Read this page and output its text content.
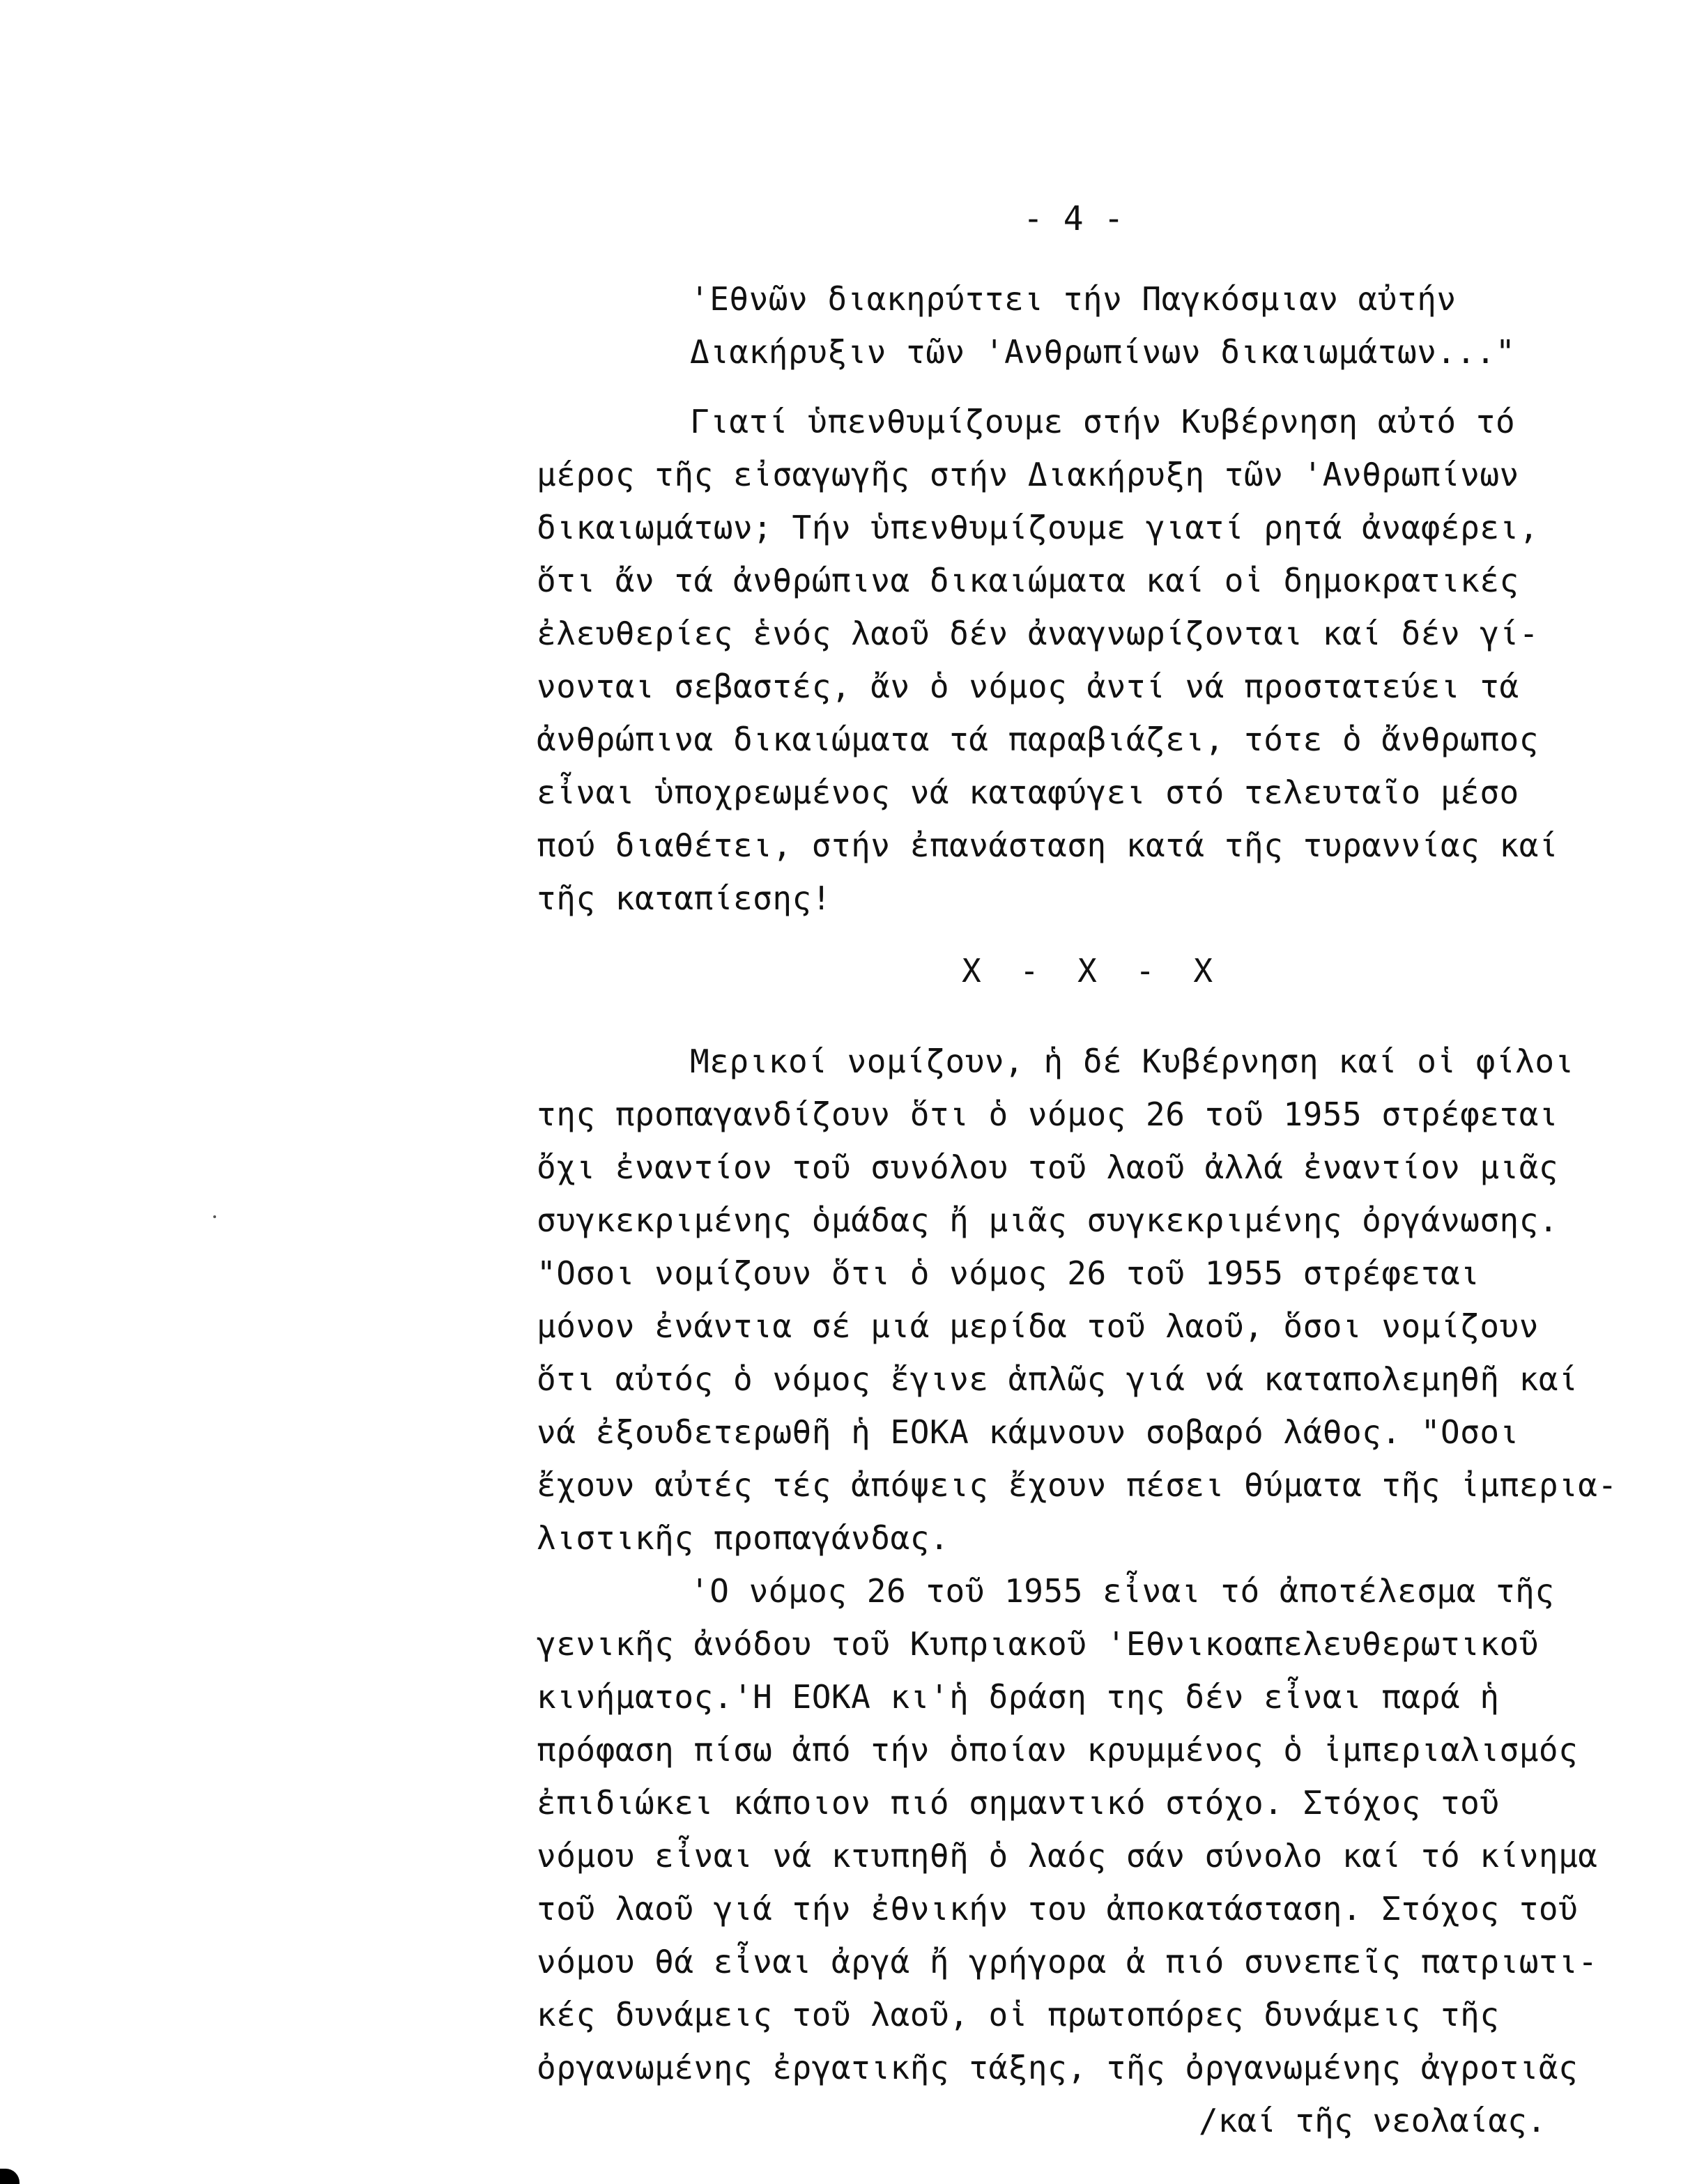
- 4 -
'Εθνῶν διακηρύττει τήν Παγκόσμιαν αὐτήν
Διακήρυξιν τῶν 'Ανθρωπίνων δικαιωμάτων..."
Γιατί ὑπενθυμίζουμε στήν Κυβέρνηση αὐτό τό
μέρος τῆς εἰσαγωγῆς στήν Διακήρυξη τῶν 'Ανθρωπίνων
δικαιωμάτων; Τήν ὑπενθυμίζουμε γιατί ρητά ἀναφέρει,
ὅτι ἄν τά ἀνθρώπινα δικαιώματα καί οἱ δημοκρατικές
ἐλευθερίες ἑνός λαοῦ δέν ἀναγνωρίζονται καί δέν γί-
νονται σεβαστές, ἄν ὁ νόμος ἀντί νά προστατεύει τά
ἀνθρώπινα δικαιώματα τά παραβιάζει, τότε ὁ ἄνθρωπος
εἶναι ὑποχρεωμένος νά καταφύγει στό τελευταῖο μέσο
πού διαθέτει, στήν ἐπανάσταση κατά τῆς τυραννίας καί
τῆς καταπίεσης!
X  -  X  -  X
Μερικοί νομίζουν, ἡ δέ Κυβέρνηση καί οἱ φίλοι
της προπαγανδίζουν ὅτι ὁ νόμος 26 τοῦ 1955 στρέφεται
ὄχι ἐναντίον τοῦ συνόλου τοῦ λαοῦ ἀλλά ἐναντίον μιᾶς
συγκεκριμένης ὁμάδας ἤ μιᾶς συγκεκριμένης ὀργάνωσης.
"Οσοι νομίζουν ὅτι ὁ νόμος 26 τοῦ 1955 στρέφεται
μόνον ἐνάντια σέ μιά μερίδα τοῦ λαοῦ, ὅσοι νομίζουν
ὅτι αὐτός ὁ νόμος ἔγινε ἁπλῶς γιά νά καταπολεμηθῆ καί
νά ἐξουδετερωθῆ ἡ ΕΟΚΑ κάμνουν σοβαρό λάθος. "Οσοι
ἔχουν αὐτές τές ἀπόψεις ἔχουν πέσει θύματα τῆς ἰμπερια-
λιστικῆς προπαγάνδας.
'Ο νόμος 26 τοῦ 1955 εἶναι τό ἀποτέλεσμα τῆς
γενικῆς ἀνόδου τοῦ Κυπριακοῦ 'Εθνικοαπελευθερωτικοῦ
κινήματος.'Η ΕΟΚΑ κι'ἡ δράση της δέν εἶναι παρά ἡ
πρόφαση πίσω ἀπό τήν ὁποίαν κρυμμένος ὁ ἰμπεριαλισμός
ἐπιδιώκει κάποιον πιό σημαντικό στόχο. Στόχος τοῦ
νόμου εἶναι νά κτυπηθῆ ὁ λαός σάν σύνολο καί τό κίνημα
τοῦ λαοῦ γιά τήν ἐθνικήν του ἀποκατάσταση. Στόχος τοῦ
νόμου θά εἶναι ἀργά ἤ γρήγορα ἀ πιό συνεπεῖς πατριωτι-
κές δυνάμεις τοῦ λαοῦ, οἱ πρωτοπόρες δυνάμεις τῆς
ὀργανωμένης ἐργατικῆς τάξης, τῆς ὀργανωμένης ἀγροτιᾶς
/καί τῆς νεολαίας.
